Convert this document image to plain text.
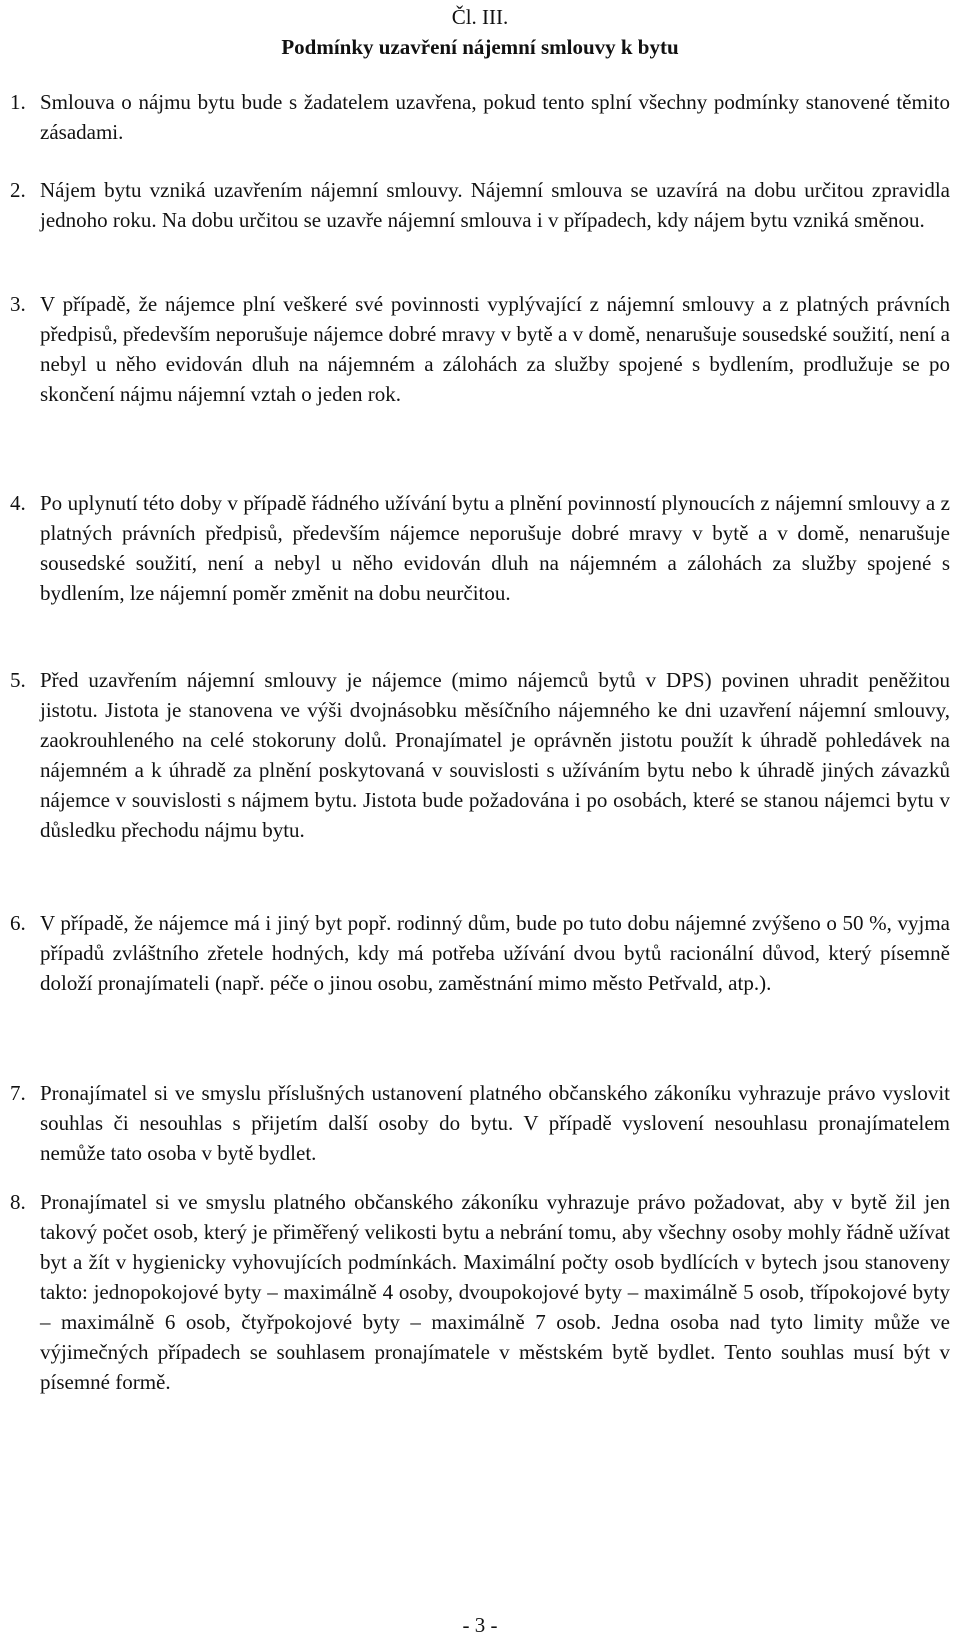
Čl. III.
Podmínky uzavření nájemní smlouvy k bytu
1. Smlouva o nájmu bytu bude s žadatelem uzavřena, pokud tento splní všechny podmínky stanovené těmito zásadami.
2. Nájem bytu vzniká uzavřením nájemní smlouvy. Nájemní smlouva se uzavírá na dobu určitou zpravidla jednoho roku. Na dobu určitou se uzavře nájemní smlouva i v případech, kdy nájem bytu vzniká směnou.
3. V případě, že nájemce plní veškeré své povinnosti vyplývající z nájemní smlouvy a z platných právních předpisů, především neporušuje nájemce dobré mravy v bytě a v domě, nenarušuje sousedské soužití, není a nebyl u něho evidován dluh na nájemném a zálohách za služby spojené s bydlením, prodlužuje se po skončení nájmu nájemní vztah o jeden rok.
4. Po uplynutí této doby v případě řádného užívání bytu a plnění povinností plynoucích z nájemní smlouvy a z platných právních předpisů, především nájemce neporušuje dobré mravy v bytě a v domě, nenarušuje sousedské soužití, není a nebyl u něho evidován dluh na nájemném a zálohách za služby spojené s bydlením, lze nájemní poměr změnit na dobu neurčitou.
5. Před uzavřením nájemní smlouvy je nájemce (mimo nájemců bytů v DPS) povinen uhradit peněžitou jistotu. Jistota je stanovena ve výši dvojnásobku měsíčního nájemného ke dni uzavření nájemní smlouvy, zaokrouhleného na celé stokoruny dolů. Pronajímatel je oprávněn jistotu použít k úhradě pohledávek na nájemném a k úhradě za plnění poskytovaná v souvislosti s užíváním bytu nebo k úhradě jiných závazků nájemce v souvislosti s nájmem bytu. Jistota bude požadována i po osobách, které se stanou nájemci bytu v důsledku přechodu nájmu bytu.
6. V případě, že nájemce má i jiný byt popř. rodinný dům, bude po tuto dobu nájemné zvýšeno o 50 %, vyjma případů zvláštního zřetele hodných, kdy má potřeba užívání dvou bytů racionální důvod, který písemně doloží pronajímateli (např. péče o jinou osobu, zaměstnání mimo město Petřvald, atp.).
7. Pronajímatel si ve smyslu příslušných ustanovení platného občanského zákoníku vyhrazuje právo vyslovit souhlas či nesouhlas s přijetím další osoby do bytu. V případě vyslovení nesouhlasu pronajímatelem nemůže tato osoba v bytě bydlet.
8. Pronajímatel si ve smyslu platného občanského zákoníku vyhrazuje právo požadovat, aby v bytě žil jen takový počet osob, který je přiměřený velikosti bytu a nebrání tomu, aby všechny osoby mohly řádně užívat byt a žít v hygienicky vyhovujících podmínkách. Maximální počty osob bydlících v bytech jsou stanoveny takto: jednopokojové byty – maximálně 4 osoby, dvoupokojové byty – maximálně 5 osob, třípokojové byty – maximálně 6 osob, čtyřpokojové byty – maximálně 7 osob. Jedna osoba nad tyto limity může ve výjimečných případech se souhlasem pronajímatele v městském bytě bydlet. Tento souhlas musí být v písemné formě.
- 3 -
